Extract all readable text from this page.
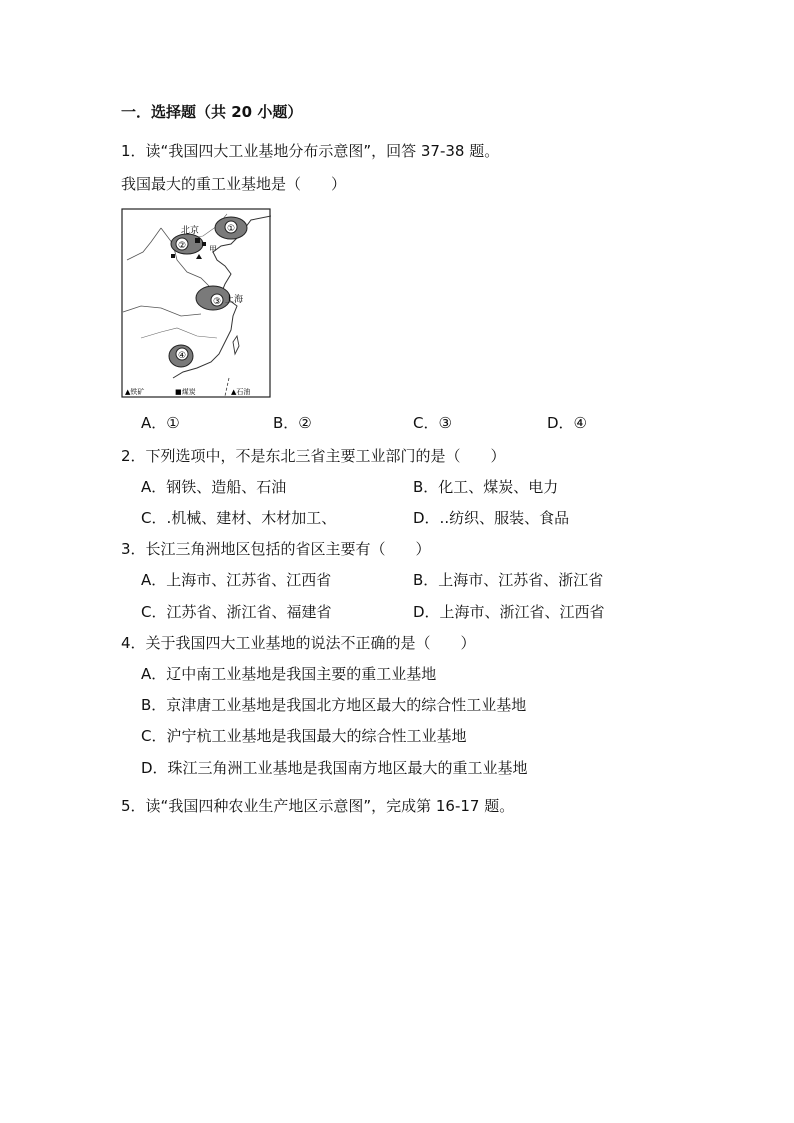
一．选择题（共 20 小题）
1．读“我国四大工业基地分布示意图”，回答 37-38 题。
我国最大的重工业基地是（　　）
①
②
北京
甲
③ 上海
④
▲铁矿	■煤炭	▲石油
A．①	B．②	C．③	D．④
2．下列选项中，不是东北三省主要工业部门的是（　　）
A．钢铁、造船、石油	B．化工、煤炭、电力
C．.机械、建材、木材加工、	D．..纺织、服装、食品
3．长江三角洲地区包括的省区主要有（　　）
A．上海市、江苏省、江西省	B．上海市、江苏省、浙江省
C．江苏省、浙江省、福建省	D．上海市、浙江省、江西省
4．关于我国四大工业基地的说法不正确的是（　　）
A．辽中南工业基地是我国主要的重工业基地
B．京津唐工业基地是我国北方地区最大的综合性工业基地
C．沪宁杭工业基地是我国最大的综合性工业基地
D．珠江三角洲工业基地是我国南方地区最大的重工业基地
5．读“我国四种农业生产地区示意图”，完成第 16-17 题。
